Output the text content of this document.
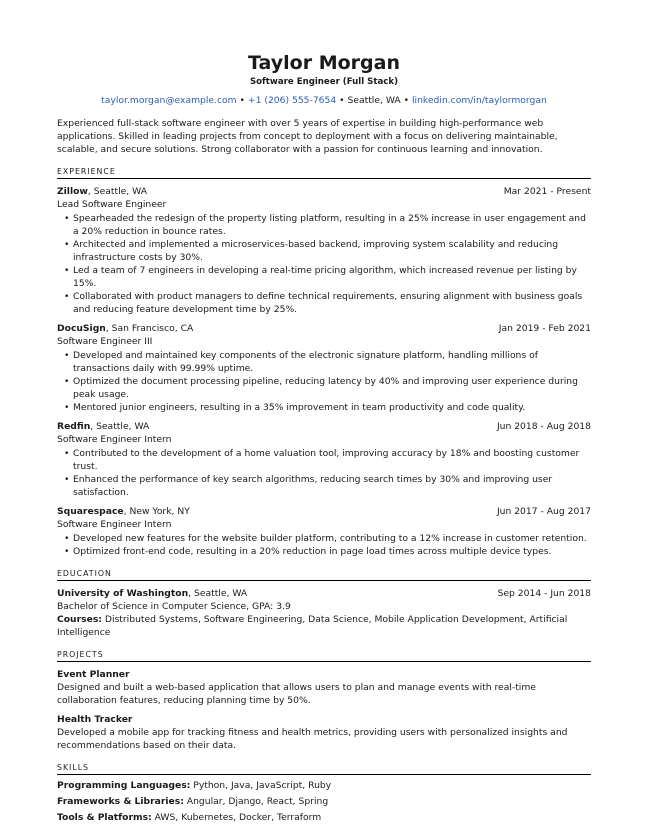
Taylor Morgan
Software Engineer (Full Stack)
taylor.morgan@example.com • +1 (206) 555-7654 • Seattle, WA • linkedin.com/in/taylormorgan
Experienced full-stack software engineer with over 5 years of expertise in building high-performance web applications. Skilled in leading projects from concept to deployment with a focus on delivering maintainable, scalable, and secure solutions. Strong collaborator with a passion for continuous learning and innovation.
EXPERIENCE
Zillow, Seattle, WA	Mar 2021 - Present
Lead Software Engineer
• Spearheaded the redesign of the property listing platform, resulting in a 25% increase in user engagement and a 20% reduction in bounce rates.
• Architected and implemented a microservices-based backend, improving system scalability and reducing infrastructure costs by 30%.
• Led a team of 7 engineers in developing a real-time pricing algorithm, which increased revenue per listing by 15%.
• Collaborated with product managers to define technical requirements, ensuring alignment with business goals and reducing feature development time by 25%.
DocuSign, San Francisco, CA	Jan 2019 - Feb 2021
Software Engineer III
• Developed and maintained key components of the electronic signature platform, handling millions of transactions daily with 99.99% uptime.
• Optimized the document processing pipeline, reducing latency by 40% and improving user experience during peak usage.
• Mentored junior engineers, resulting in a 35% improvement in team productivity and code quality.
Redfin, Seattle, WA	Jun 2018 - Aug 2018
Software Engineer Intern
• Contributed to the development of a home valuation tool, improving accuracy by 18% and boosting customer trust.
• Enhanced the performance of key search algorithms, reducing search times by 30% and improving user satisfaction.
Squarespace, New York, NY	Jun 2017 - Aug 2017
Software Engineer Intern
• Developed new features for the website builder platform, contributing to a 12% increase in customer retention.
• Optimized front-end code, resulting in a 20% reduction in page load times across multiple device types.
EDUCATION
University of Washington, Seattle, WA	Sep 2014 - Jun 2018
Bachelor of Science in Computer Science, GPA: 3.9
Courses: Distributed Systems, Software Engineering, Data Science, Mobile Application Development, Artificial Intelligence
PROJECTS
Event Planner
Designed and built a web-based application that allows users to plan and manage events with real-time collaboration features, reducing planning time by 50%.
Health Tracker
Developed a mobile app for tracking fitness and health metrics, providing users with personalized insights and recommendations based on their data.
SKILLS
Programming Languages: Python, Java, JavaScript, Ruby
Frameworks & Libraries: Angular, Django, React, Spring
Tools & Platforms: AWS, Kubernetes, Docker, Terraform
